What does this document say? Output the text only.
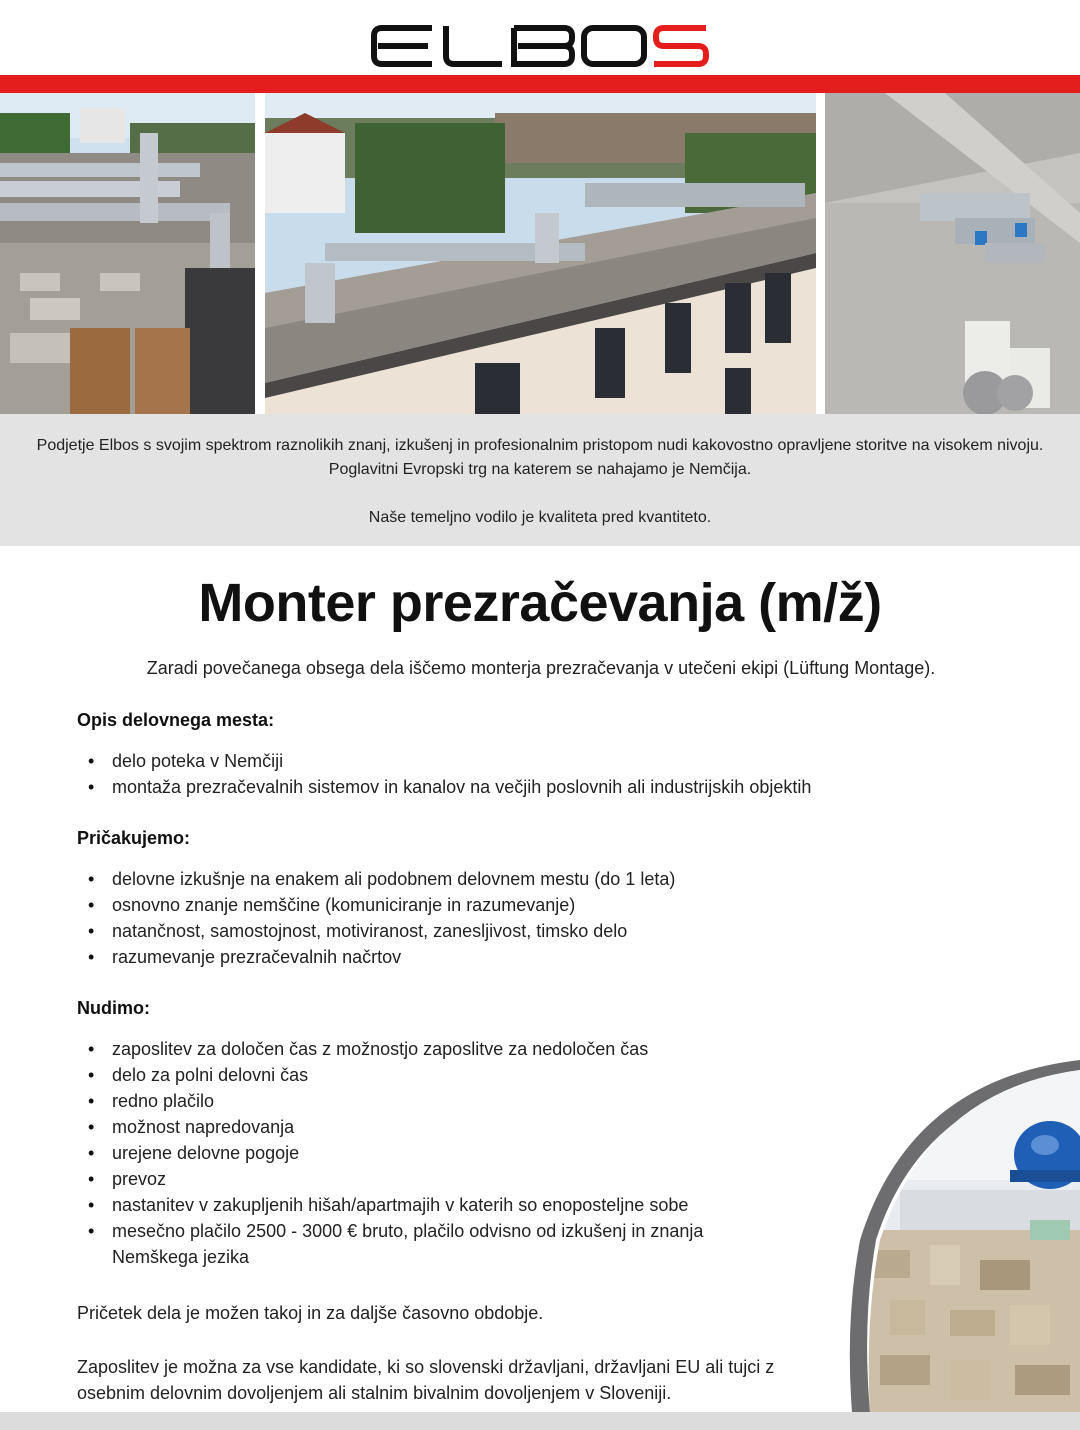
Podjetje Elbos s svojim spektrom raznolikih znanj, izkušenj in profesionalnim pristopom nudi kakovostno opravljene storitve na visokem nivoju. Poglavitni Evropski trg na katerem se nahajamo je Nemčija.

Naše temeljno vodilo je kvaliteta pred kvantiteto.

Monter prezračevanja (m/ž)
Zaradi povečanega obsega dela iščemo monterja prezračevanja v utečeni ekipi (Lüftung Montage).
Opis delovnega mesta:
• delo poteka v Nemčiji
• montaža prezračevalnih sistemov in kanalov na večjih poslovnih ali industrijskih objektih
Pričakujemo:
• delovne izkušnje na enakem ali podobnem delovnem mestu (do 1 leta)
• osnovno znanje nemščine (komuniciranje in razumevanje)
• natančnost, samostojnost, motiviranost, zanesljivost, timsko delo
• razumevanje prezračevalnih načrtov
Nudimo:
• zaposlitev za določen čas z možnostjo zaposlitve za nedoločen čas
• delo za polni delovni čas
• redno plačilo
• možnost napredovanja
• urejene delovne pogoje
• prevoz
• nastanitev v zakupljenih hišah/apartmajih v katerih so enoposteljne sobe
• mesečno plačilo 2500 - 3000 € bruto, plačilo odvisno od izkušenj in znanja Nemškega jezika
Pričetek dela je možen takoj in za daljše časovno obdobje.
Zaposlitev je možna za vse kandidate, ki so slovenski državljani, državljani EU ali tujci z osebnim delovnim dovoljenjem ali stalnim bivalnim dovoljenjem v Sloveniji.
